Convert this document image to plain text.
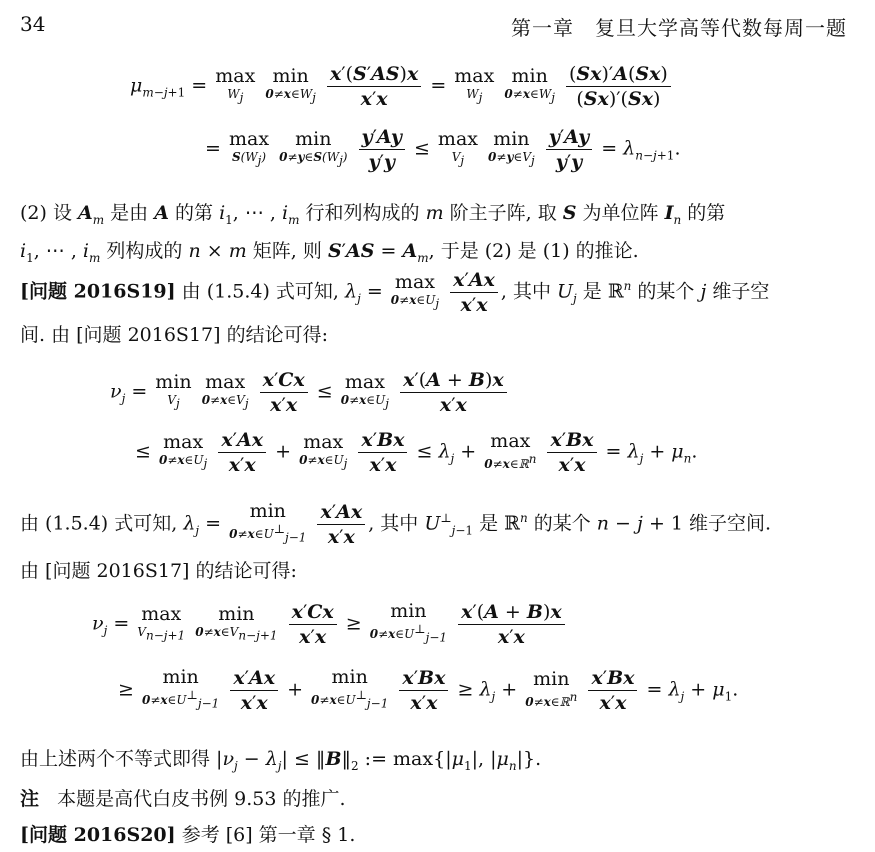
34	第一章　复旦大学高等代数每周一题
$\mu_{m-j+1} = \max$
$W_j$

min
$0\ne x\in W_j$
$\frac{x'(S'AS)x}{x'x} = \max$
$W_j$

min
$0\ne x\in W_j$
$\frac{(Sx)'A(Sx)}{(Sx)'(Sx)}$
= max
$S(W_j)$

min
$0\ne y\in S(W_j)$
$\frac{y'Ay}{y'y} \le \max$
$V_j$

min
$0\ne y\in V_j$
$\frac{y'Ay}{y'y} = \lambda_{n-j+1}$.
(2) 设 $A_m$ 是由 A 的第 $i_1$, ⋯ , $i_m$ 行和列构成的 m 阶主子阵, 取 S 为单位阵 $I_n$ 的第
$i_1$, ⋯ , $i_m$ 列构成的 n × m 矩阵, 则 $S'AS = A_m$, 于是 (2) 是 (1) 的推论.
[问题 2016S19] 由 (1.5.4) 式可知, $\lambda_j = \max$
$0\ne x\in U_j$
$\frac{x'Ax}{x'x}$ , 其中 $U_j$ 是 ℝ$^n$ 的某个 j 维子空
间. 由 [问题 2016S17] 的结论可得:
$\nu_j = \min$
$V_j$

max
$0\ne x\in V_j$
$\frac{x'Cx}{x'x} \le \max$
$0\ne x\in U_j$
$\frac{x'(A + B)x}{x'x}$
≤ max
$0\ne x\in U_j$
$\frac{x'Ax}{x'x} + \max$
$0\ne x\in U_j$
$\frac{x'Bx}{x'x} \le \lambda_j + \max$
0≠x∈ℝ$^n$
$\frac{x'Bx}{x'x} = \lambda_j + \mu_n$.
由 (1.5.4) 式可知, $\lambda_j$ =
min
$0\ne x\in U^\perp_{j-1}$
$\frac{x'Ax}{x'x}$ , 其中 $U^\perp_{j-1}$ 是 ℝ$^n$ 的某个 n − j + 1 维子空间.
由 [问题 2016S17] 的结论可得:
$\nu_j = \max$
$V_{n-j+1}$

min
$0\ne x\in V_{n-j+1}$
$\frac{x'Cx}{x'x}$ ≥
min
$0\ne x\in U^\perp_{j-1}$
$\frac{x'(A + B)x}{x'x}$
≥
min
$0\ne x\in U^\perp_{j-1}$
$\frac{x'Ax}{x'x}$ +
min
$0\ne x\in U^\perp_{j-1}$
$\frac{x'Bx}{x'x} \ge \lambda_j + \min$
0≠x∈ℝ$^n$
$\frac{x'Bx}{x'x} = \lambda_j + \mu_1$.
由上述两个不等式即得 $|\nu_j - \lambda_j|$ ≤ $‖B‖_2$ := $\max\{|\mu_1|$, $|\mu_n|$}.
注 本题是高代白皮书例 9.53 的推广.
[问题 2016S20] 参考 [6] 第一章 § 1.
